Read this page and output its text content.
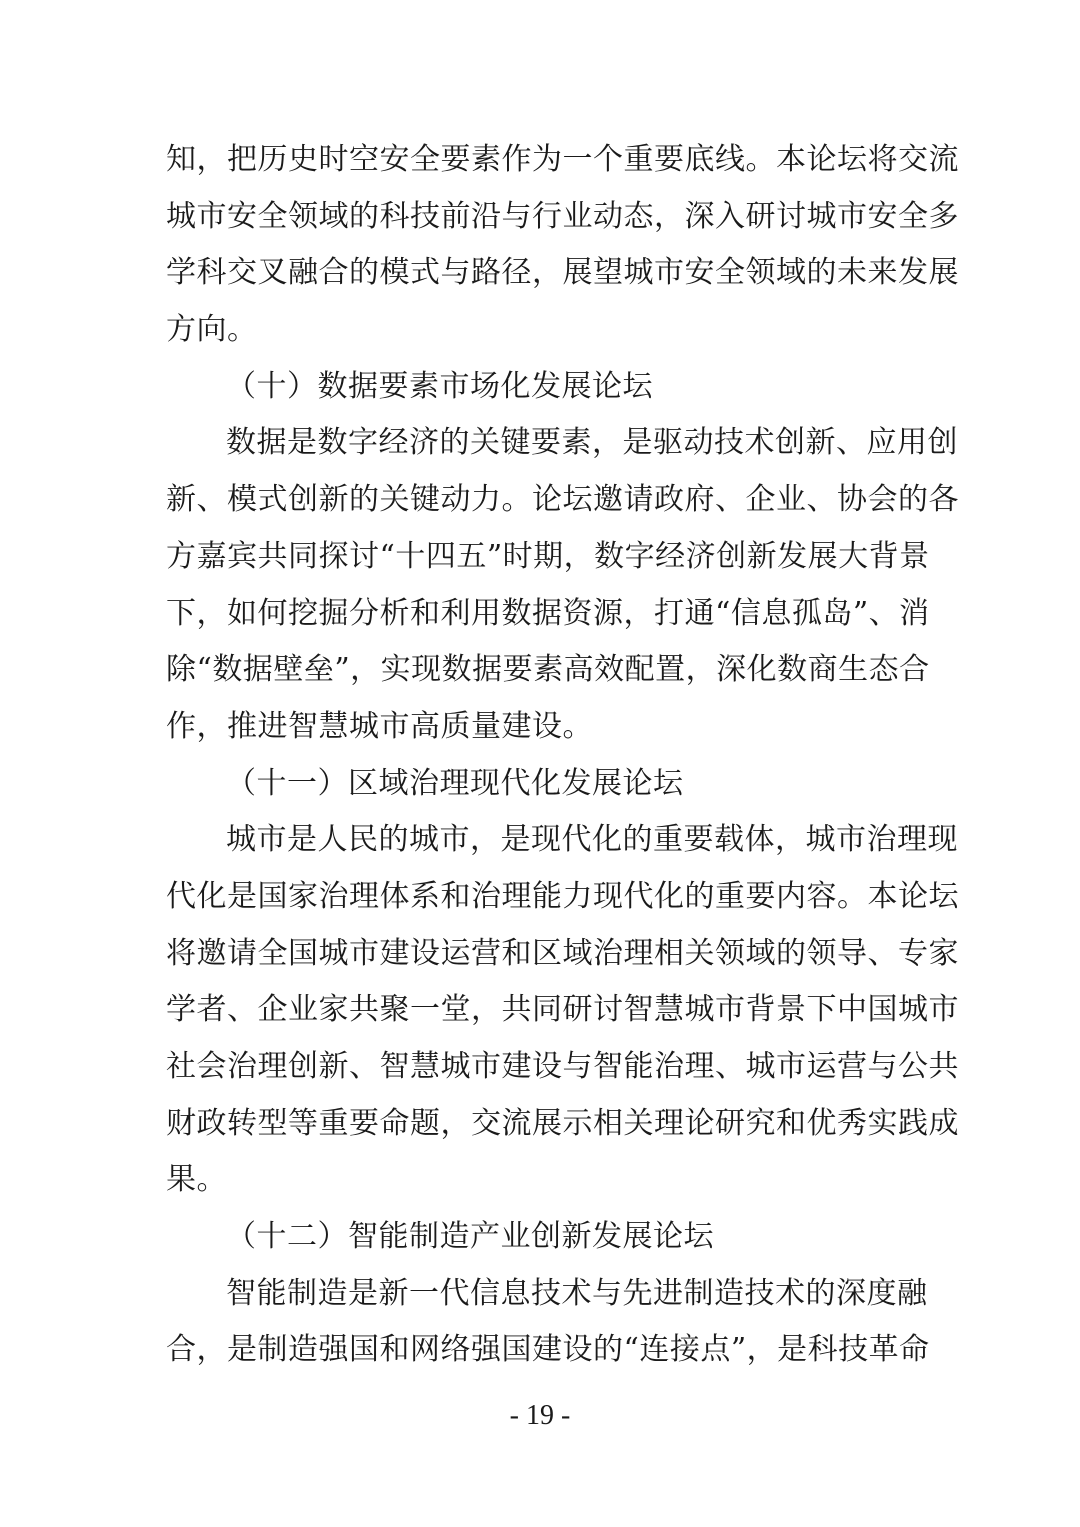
知，把历史时空安全要素作为一个重要底线。本论坛将交流
城市安全领域的科技前沿与行业动态，深入研讨城市安全多
学科交叉融合的模式与路径，展望城市安全领域的未来发展
方向。
（十）数据要素市场化发展论坛
数据是数字经济的关键要素，是驱动技术创新、应用创
新、模式创新的关键动力。论坛邀请政府、企业、协会的各
方嘉宾共同探讨“十四五”时期，数字经济创新发展大背景
下，如何挖掘分析和利用数据资源，打通“信息孤岛”、消
除“数据壁垒”，实现数据要素高效配置，深化数商生态合
作，推进智慧城市高质量建设。
（十一）区域治理现代化发展论坛
城市是人民的城市，是现代化的重要载体，城市治理现
代化是国家治理体系和治理能力现代化的重要内容。本论坛
将邀请全国城市建设运营和区域治理相关领域的领导、专家
学者、企业家共聚一堂，共同研讨智慧城市背景下中国城市
社会治理创新、智慧城市建设与智能治理、城市运营与公共
财政转型等重要命题，交流展示相关理论研究和优秀实践成
果。
（十二）智能制造产业创新发展论坛
智能制造是新一代信息技术与先进制造技术的深度融
合，是制造强国和网络强国建设的“连接点”，是科技革命
- 19 -
